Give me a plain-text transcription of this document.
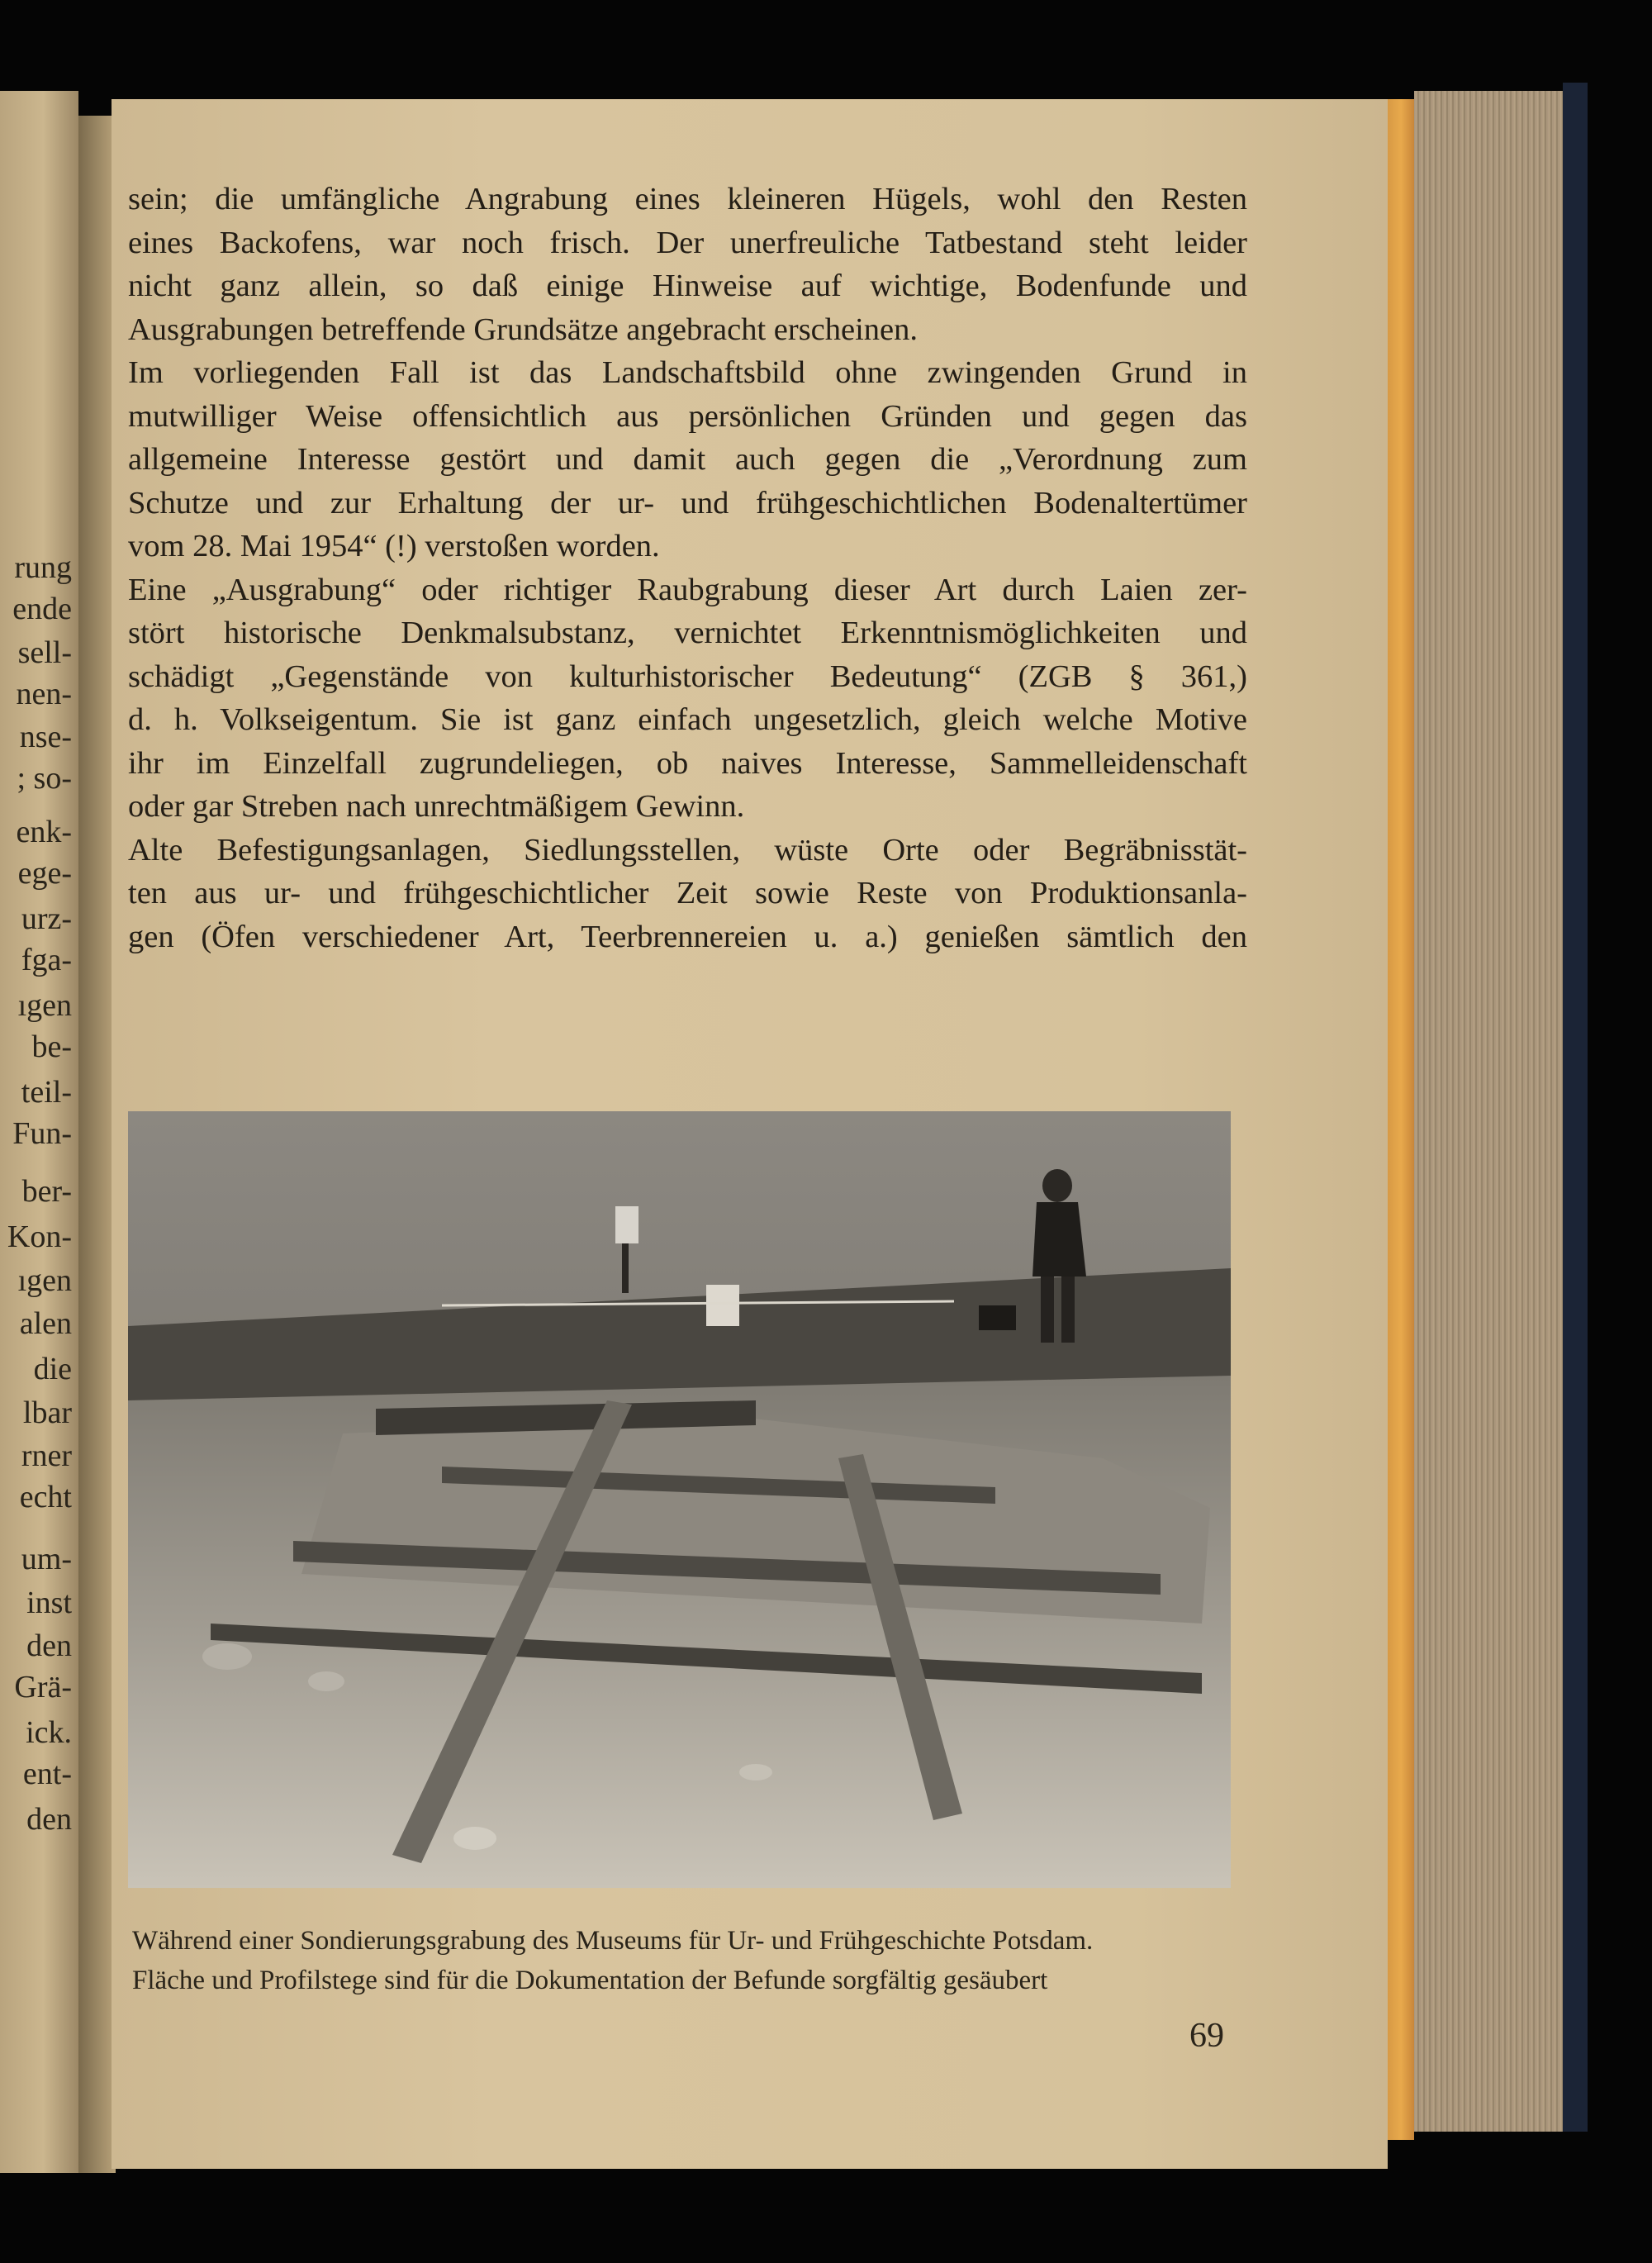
rung
ende
sell-
nen-
nse-
; so-
enk-
ege-
urz-
fga-
ıgen
be-
teil-
Fun-
ber-
Kon-
ıgen
alen
die
lbar
rner
echt
um-
inst
den
Grä-
ick.
ent-
den
sein; die umfängliche Angrabung eines kleineren Hügels, wohl den Resten
eines Backofens, war noch frisch. Der unerfreuliche Tatbestand steht leider
nicht ganz allein, so daß einige Hinweise auf wichtige, Bodenfunde und
Ausgrabungen betreffende Grundsätze angebracht erscheinen.
Im vorliegenden Fall ist das Landschaftsbild ohne zwingenden Grund in
mutwilliger Weise offensichtlich aus persönlichen Gründen und gegen das
allgemeine Interesse gestört und damit auch gegen die „Verordnung zum
Schutze und zur Erhaltung der ur- und frühgeschichtlichen Bodenaltertümer
vom 28. Mai 1954“ (!) verstoßen worden.
Eine „Ausgrabung“ oder richtiger Raubgrabung dieser Art durch Laien zer-
stört historische Denkmalsubstanz, vernichtet Erkenntnismöglichkeiten und
schädigt „Gegenstände von kulturhistorischer Bedeutung“ (ZGB § 361,)
d. h. Volkseigentum. Sie ist ganz einfach ungesetzlich, gleich welche Motive
ihr im Einzelfall zugrundeliegen, ob naives Interesse, Sammelleidenschaft
oder gar Streben nach unrechtmäßigem Gewinn.
Alte Befestigungsanlagen, Siedlungsstellen, wüste Orte oder Begräbnisstät-
ten aus ur- und frühgeschichtlicher Zeit sowie Reste von Produktionsanla-
gen (Öfen verschiedener Art, Teerbrennereien u. a.) genießen sämtlich den
Während einer Sondierungsgrabung des Museums für Ur- und Frühgeschichte Potsdam.
Fläche und Profilstege sind für die Dokumentation der Befunde sorgfältig gesäubert
69
